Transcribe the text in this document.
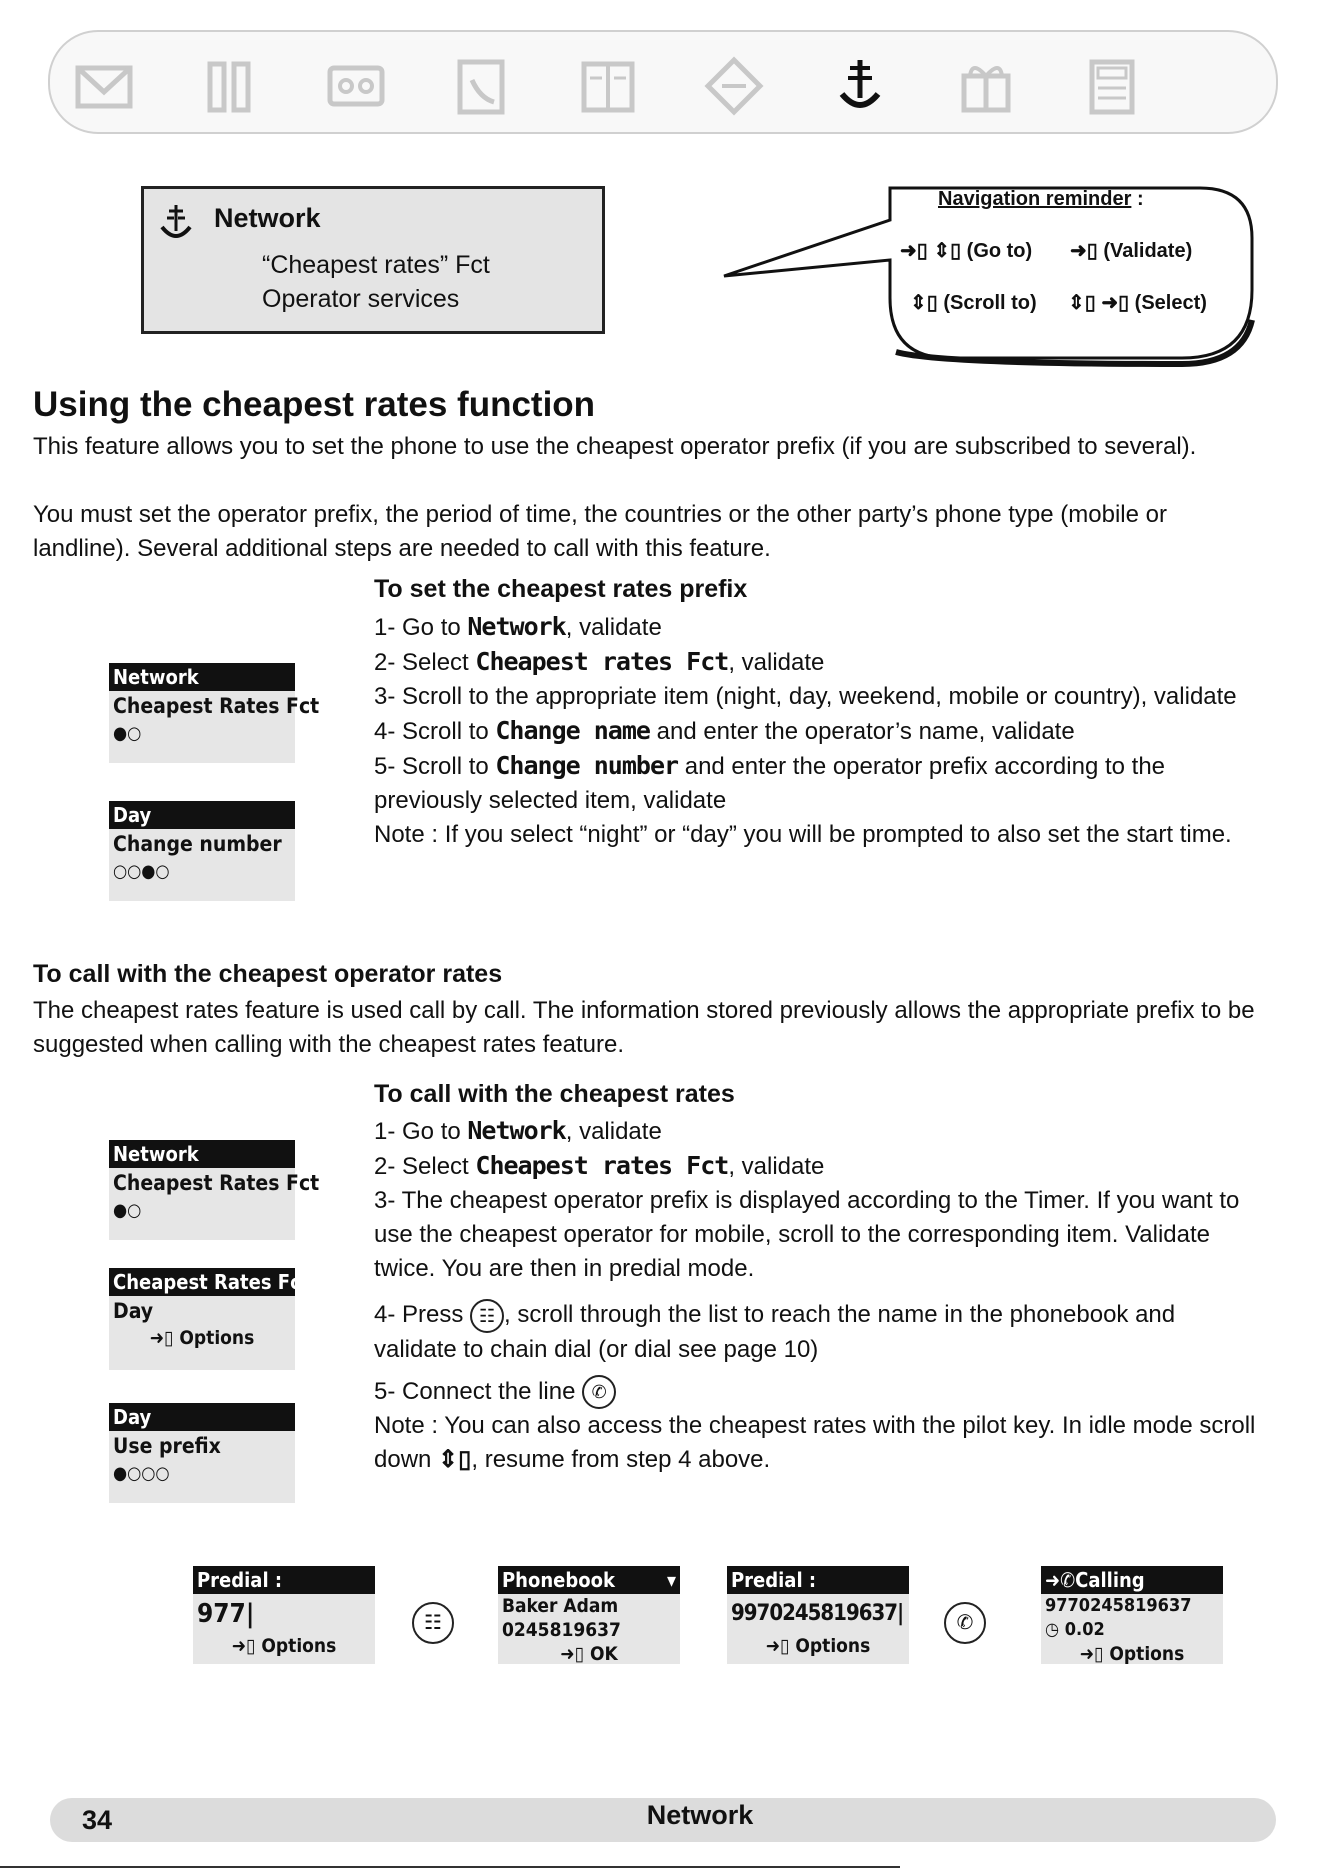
Network
“Cheapest rates” Fct
Operator services
Navigation reminder :
➜▯ ⇕▯ (Go to) ➜▯ (Validate)
⇕▯ (Scroll to) ⇕▯ ➜▯ (Select)
Using the cheapest rates function

This feature allows you to set the phone to use the cheapest operator prefix (if you are subscribed to several).

You must set the operator prefix, the period of time, the countries or the other party’s phone type (mobile or landline). Several additional steps are needed to call with this feature.

To set the cheapest rates prefix
1- Go to Network, validate
2- Select Cheapest rates Fct, validate
3- Scroll to the appropriate item (night, day, weekend, mobile or country), validate
4- Scroll to Change name and enter the operator’s name, validate
5- Scroll to Change number and enter the operator prefix according to the previously selected item, validate
Note : If you select “night” or “day” you will be prompted to also set the start time.
Network
Cheapest Rates Fct
●○
Day
Change number
○○●○
To call with the cheapest operator rates

The cheapest rates feature is used call by call. The information stored previously allows the appropriate prefix to be suggested when calling with the cheapest rates feature.

To call with the cheapest rates
1- Go to Network, validate
2- Select Cheapest rates Fct, validate
3- The cheapest operator prefix is displayed according to the Timer. If you want to use the cheapest operator for mobile, scroll to the corresponding item. Validate twice. You are then in predial mode.
4- Press ☷ , scroll through the list to reach the name in the phonebook and validate to chain dial (or dial see page 10)
5- Connect the line ✆
Note : You can also access the cheapest rates with the pilot key. In idle mode scroll down ⇕▯, resume from step 4 above.
Network
Cheapest Rates Fct
●○
Cheapest Rates Fct ▾
Day
➜▯ Options
Day
Use prefix
●○○○
Predial :
977|
➜▯ Options
☷
Phonebook	▾
Baker Adam
0245819637
➜▯ OK
Predial :
9970245819637|
➜▯ Options
✆
➜✆Calling
9770245819637
◷ 0.02
➜▯ Options
34	Network
